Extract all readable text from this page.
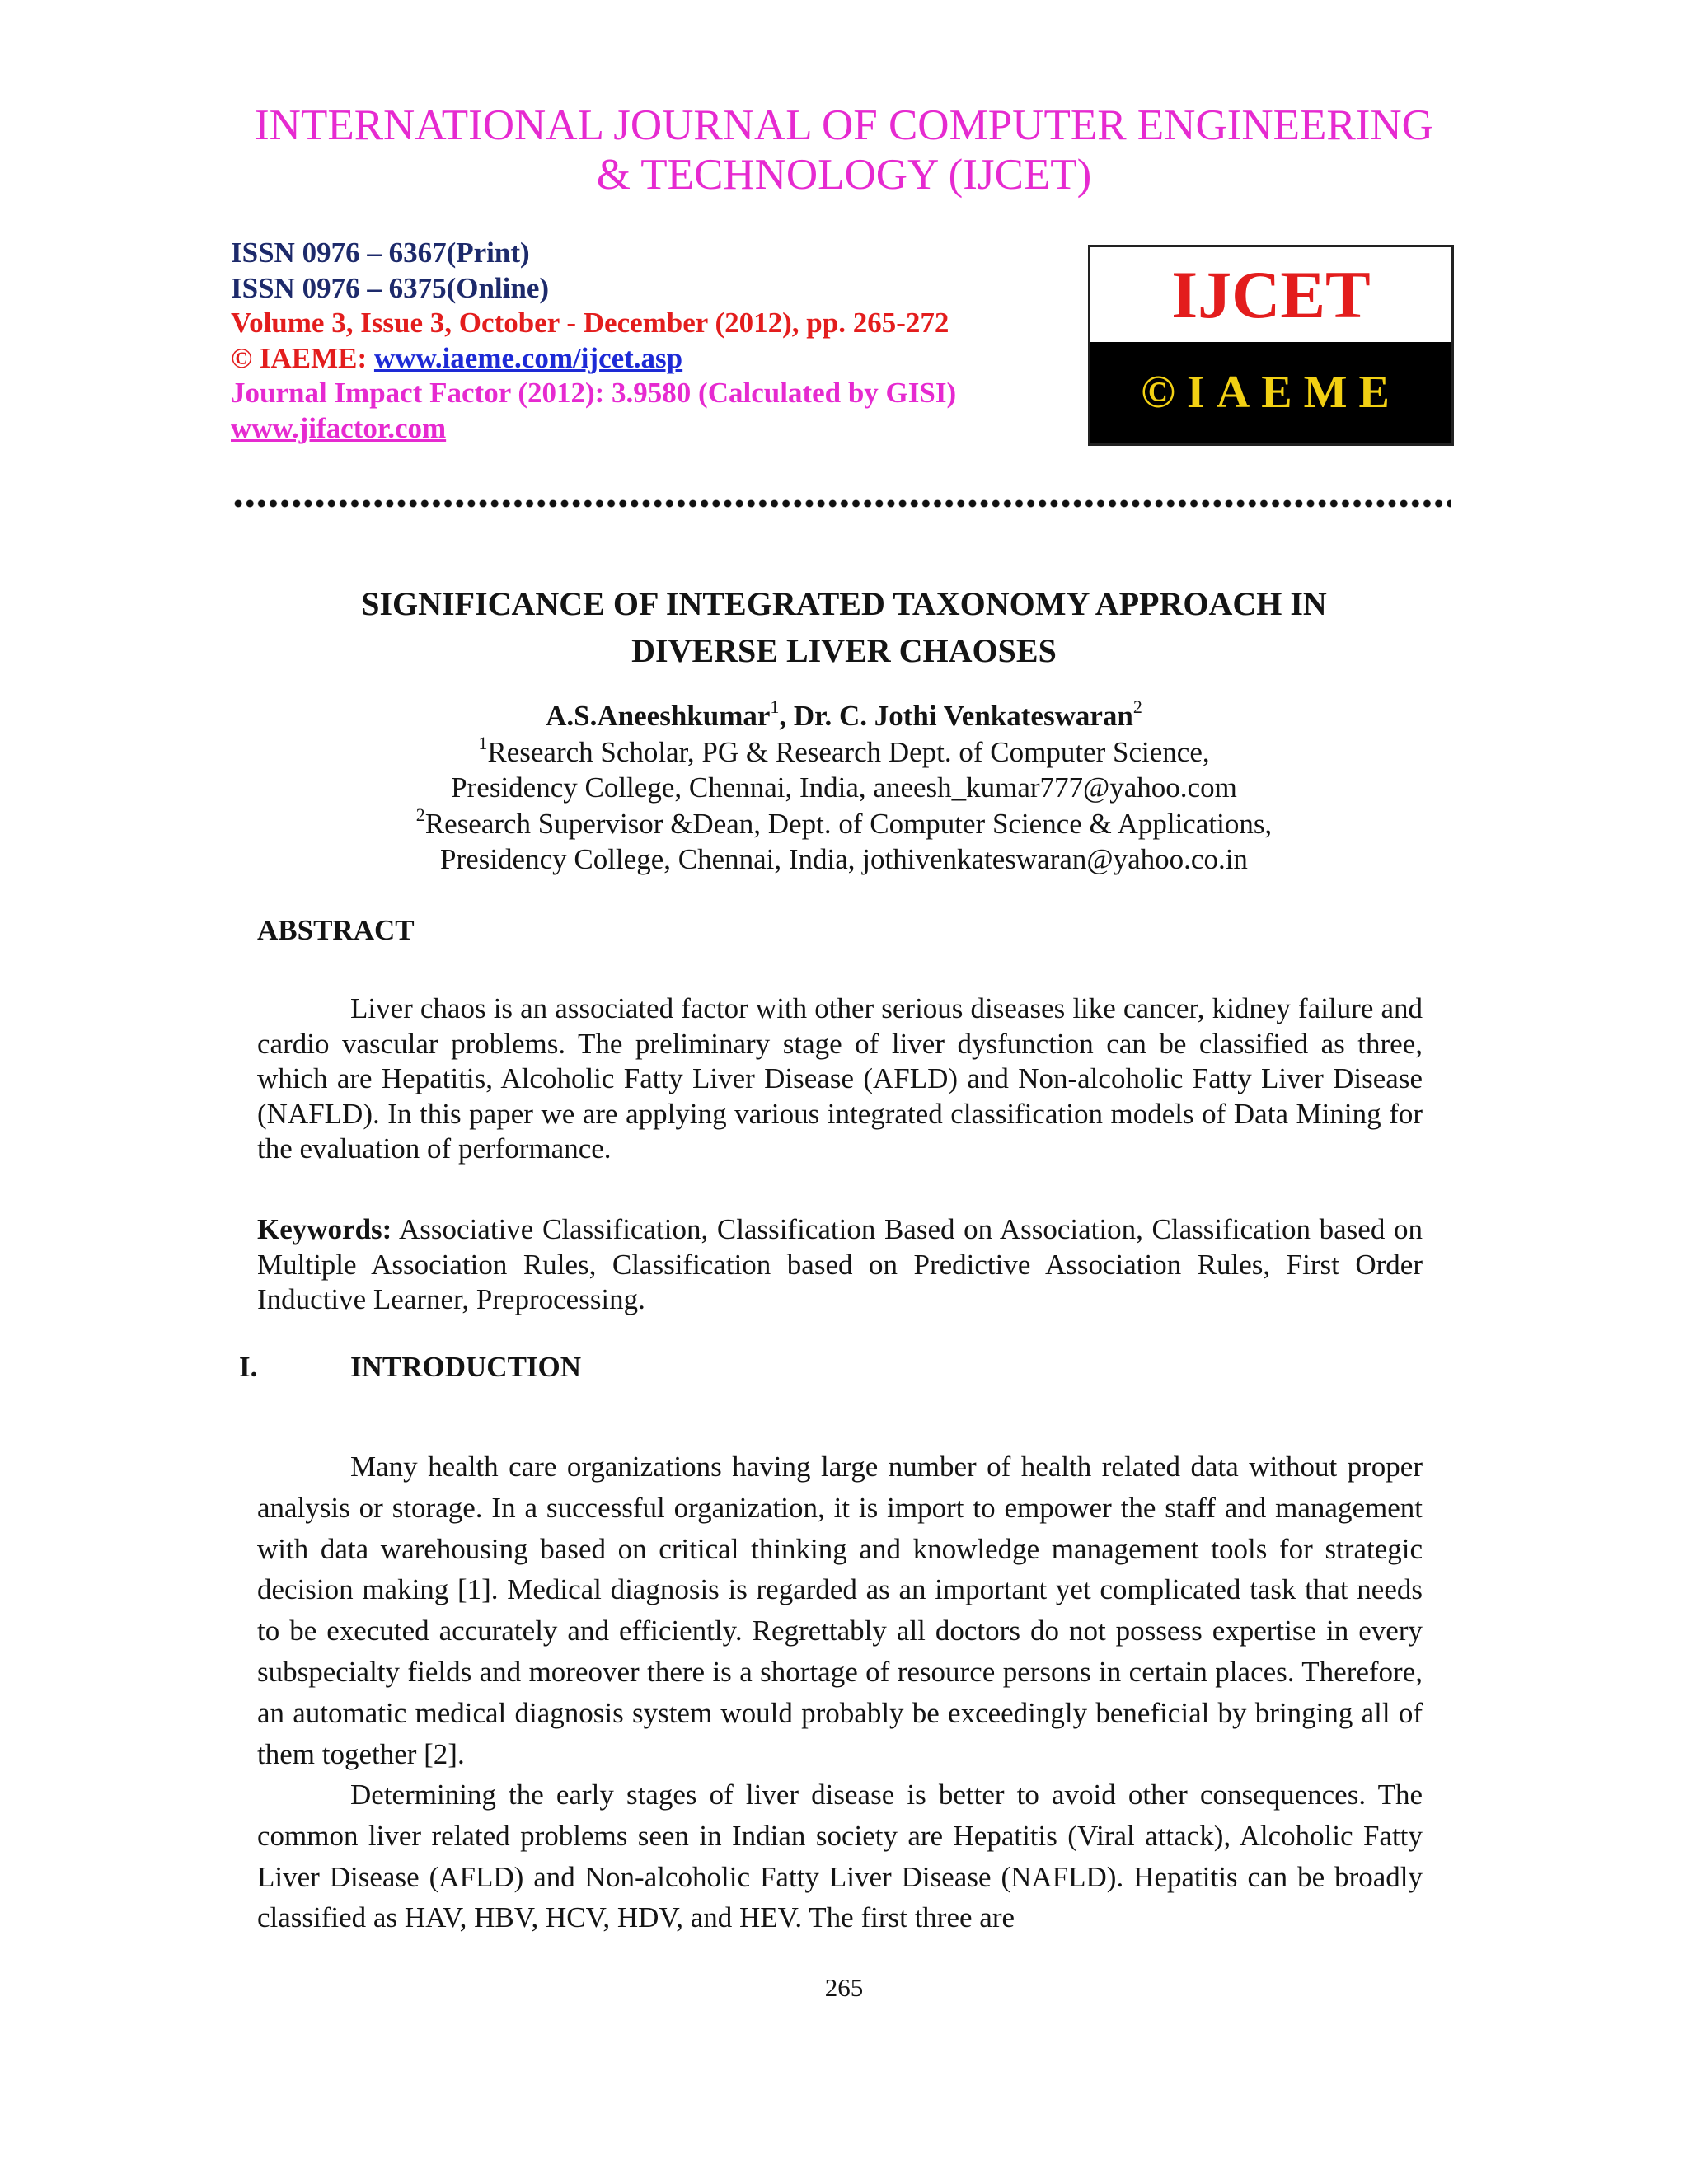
INTERNATIONAL JOURNAL OF COMPUTER ENGINEERING
& TECHNOLOGY (IJCET)
ISSN 0976 – 6367(Print)
ISSN 0976 – 6375(Online)
Volume 3, Issue 3, October - December (2012), pp. 265-272
© IAEME: www.iaeme.com/ijcet.asp
Journal Impact Factor (2012): 3.9580 (Calculated by GISI)
www.jifactor.com
IJCET
©IAEME
SIGNIFICANCE OF INTEGRATED TAXONOMY APPROACH IN
DIVERSE LIVER CHAOSES
A.S.Aneeshkumar$^1$, Dr. C. Jothi Venkateswaran$^2$
$^1$Research Scholar, PG & Research Dept. of Computer Science,
Presidency College, Chennai, India, aneesh_kumar777@yahoo.com
$^2$Research Supervisor &Dean, Dept. of Computer Science & Applications,
Presidency College, Chennai, India, jothivenkateswaran@yahoo.co.in
ABSTRACT
Liver chaos is an associated factor with other serious diseases like cancer, kidney failure and cardio vascular problems. The preliminary stage of liver dysfunction can be classified as three, which are Hepatitis, Alcoholic Fatty Liver Disease (AFLD) and Non-alcoholic Fatty Liver Disease (NAFLD). In this paper we are applying various integrated classification models of Data Mining for the evaluation of performance.
Keywords: Associative Classification, Classification Based on Association, Classification based on Multiple Association Rules, Classification based on Predictive Association Rules, First Order Inductive Learner, Preprocessing.
I.	INTRODUCTION
Many health care organizations having large number of health related data without proper analysis or storage. In a successful organization, it is import to empower the staff and management with data warehousing based on critical thinking and knowledge management tools for strategic decision making [1]. Medical diagnosis is regarded as an important yet complicated task that needs to be executed accurately and efficiently. Regrettably all doctors do not possess expertise in every subspecialty fields and moreover there is a shortage of resource persons in certain places. Therefore, an automatic medical diagnosis system would probably be exceedingly beneficial by bringing all of them together [2].
Determining the early stages of liver disease is better to avoid other consequences. The common liver related problems seen in Indian society are Hepatitis (Viral attack), Alcoholic Fatty Liver Disease (AFLD) and Non-alcoholic Fatty Liver Disease (NAFLD). Hepatitis can be broadly classified as HAV, HBV, HCV, HDV, and HEV. The first three are
265
